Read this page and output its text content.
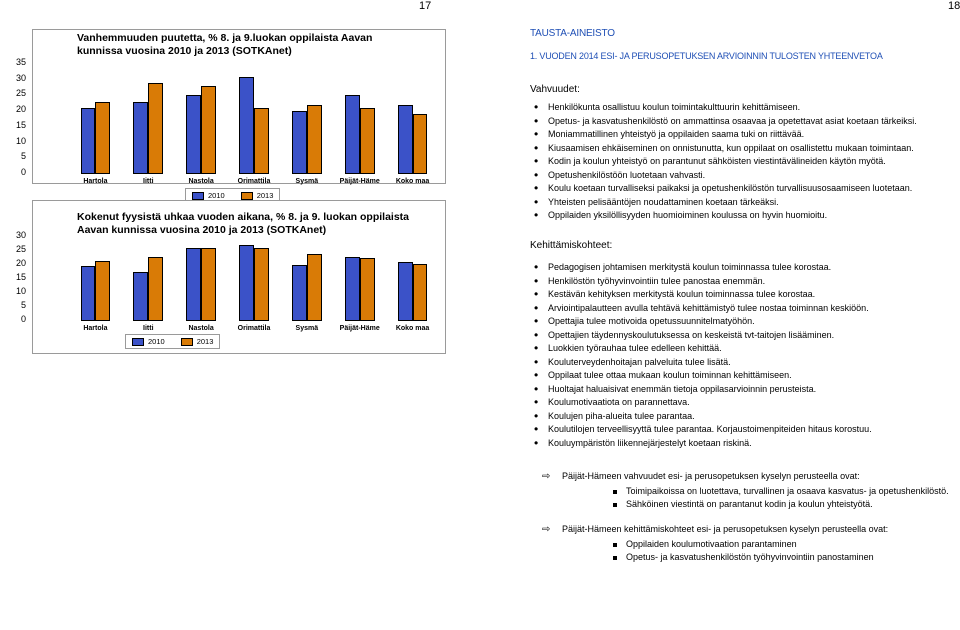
17	18
Vanhemmuuden puutetta, % 8. ja 9.luokan oppilaista Aavan kunnissa vuosina 2010 ja 2013 (SOTKAnet)
2010	2013
Hartola	Iitti	Nastola	Orimattila	Sysmä	Päijät-Häme	Koko maa
Kokenut fyysistä uhkaa vuoden aikana, % 8. ja 9. luokan oppilaista Aavan kunnissa vuosina 2010 ja 2013 (SOTKAnet)
2010	2013
Hartola	Iitti	Nastola	Orimattila	Sysmä	Päijät-Häme	Koko maa
TAUSTA-AINEISTO
1. VUODEN 2014 ESI- JA PERUSOPETUKSEN ARVIOINNIN TULOSTEN YHTEENVETOA
Vahvuudet:
• Henkilökunta osallistuu koulun toimintakulttuurin kehittämiseen.
• Opetus- ja kasvatushenkilöstö on ammattinsa osaavaa ja opetettavat asiat koetaan tärkeiksi.
• Moniammatillinen yhteistyö ja oppilaiden saama tuki on riittävää.
• Kiusaamisen ehkäiseminen on onnistunutta, kun oppilaat on osallistettu mukaan toimintaan.
• Kodin ja koulun yhteistyö on parantunut sähköisten viestintävälineiden käytön myötä.
• Opetushenkilöstöön luotetaan vahvasti.
• Koulu koetaan turvalliseksi paikaksi ja opetushenkilöstön turvallisuusosaamiseen luotetaan.
• Yhteisten pelisääntöjen noudattaminen koetaan tärkeäksi.
• Oppilaiden yksilöllisyyden huomioiminen koulussa on hyvin huomioitu.
Kehittämiskohteet:
• Pedagogisen johtamisen merkitystä koulun toiminnassa tulee korostaa.
• Henkilöstön työhyvinvointiin tulee panostaa enemmän.
• Kestävän kehityksen merkitystä koulun toiminnassa tulee korostaa.
• Arviointipalautteen avulla tehtävä kehittämistyö tulee nostaa toiminnan keskiöön.
• Opettajia tulee motivoida opetussuunnitelmatyöhön.
• Opettajien täydennyskoulutuksessa on keskeistä tvt-taitojen lisääminen.
• Luokkien työrauhaa tulee edelleen kehittää.
• Kouluterveydenhoitajan palveluita tulee lisätä.
• Oppilaat tulee ottaa mukaan koulun toiminnan kehittämiseen.
• Huoltajat haluaisivat enemmän tietoja oppilasarvioinnin perusteista.
• Koulumotivaatiota on parannettava.
• Koulujen piha-alueita tulee parantaa.
• Koulutilojen terveellisyyttä tulee parantaa. Korjaustoimenpiteiden hitaus korostuu.
• Kouluympäristön liikennejärjestelyt koetaan riskinä.
⇨ Päijät-Hämeen vahvuudet esi- ja perusopetuksen kyselyn perusteella ovat:
Toimipaikoissa on luotettava, turvallinen ja osaava kasvatus- ja opetushenkilöstö.
Sähköinen viestintä on parantanut kodin ja koulun yhteistyötä.
⇨ Päijät-Hämeen kehittämiskohteet esi- ja perusopetuksen kyselyn perusteella ovat:
Oppilaiden koulumotivaation parantaminen
Opetus- ja kasvatushenkilöstön työhyvinvointiin panostaminen
35
30
25
20
15
10
5
0
30
25
20
15
10
5
0
